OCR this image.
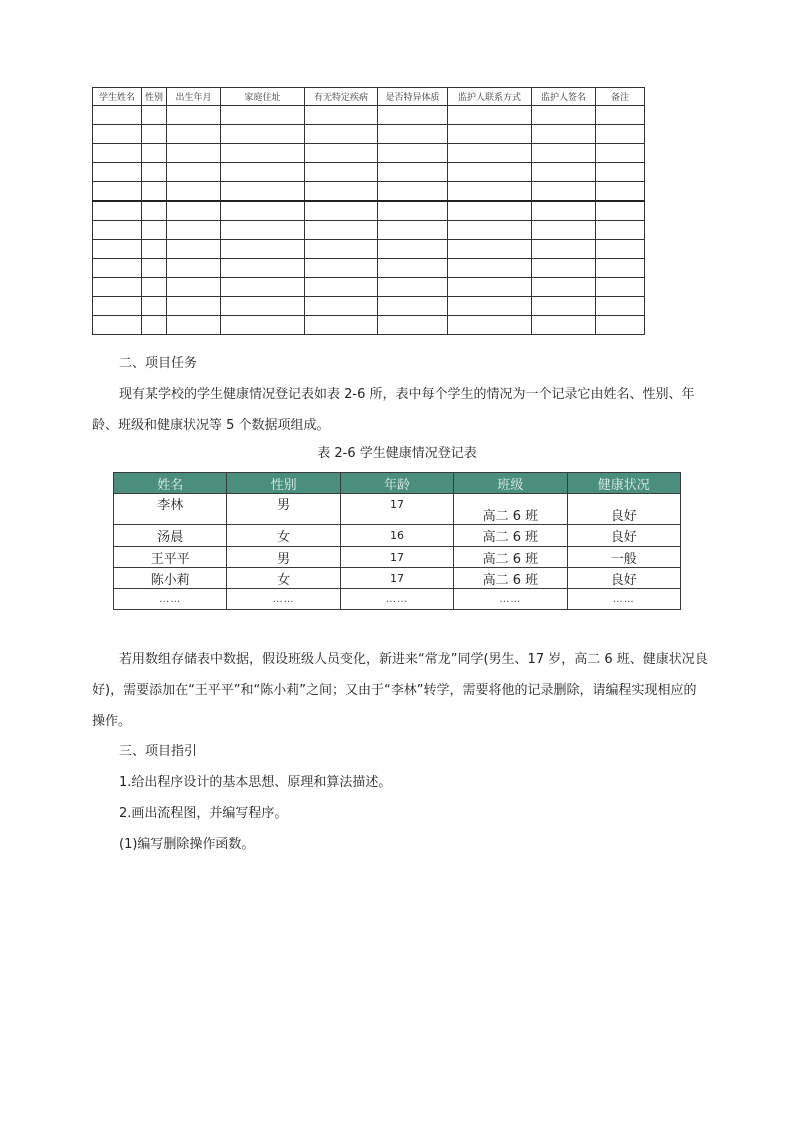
学生姓名	性别	出生年月	家庭住址	有无特定疾病	是否特异体质	监护人联系方式	监护人签名	备注

二、项目任务
现有某学校的学生健康情况登记表如表 2-6 所，表中每个学生的情况为一个记录它由姓名、性别、年龄、班级和健康状况等 5 个数据项组成。
表 2-6 学生健康情况登记表
姓名	性别	年龄	班级	健康状况
李林	男	17	高二 6 班	良好
汤晨	女	16	高二 6 班	良好
王平平	男	17	高二 6 班	一般
陈小莉	女	17	高二 6 班	良好
……	……	……	……	……
若用数组存储表中数据，假设班级人员变化，新进来“常龙”同学(男生、17 岁，高二 6 班、健康状况良好)，需要添加在“王平平”和“陈小莉”之间；又由于“李林”转学，需要将他的记录删除，请编程实现相应的操作。
三、项目指引
1.给出程序设计的基本思想、原理和算法描述。
2.画出流程图，并编写程序。
(1)编写删除操作函数。
